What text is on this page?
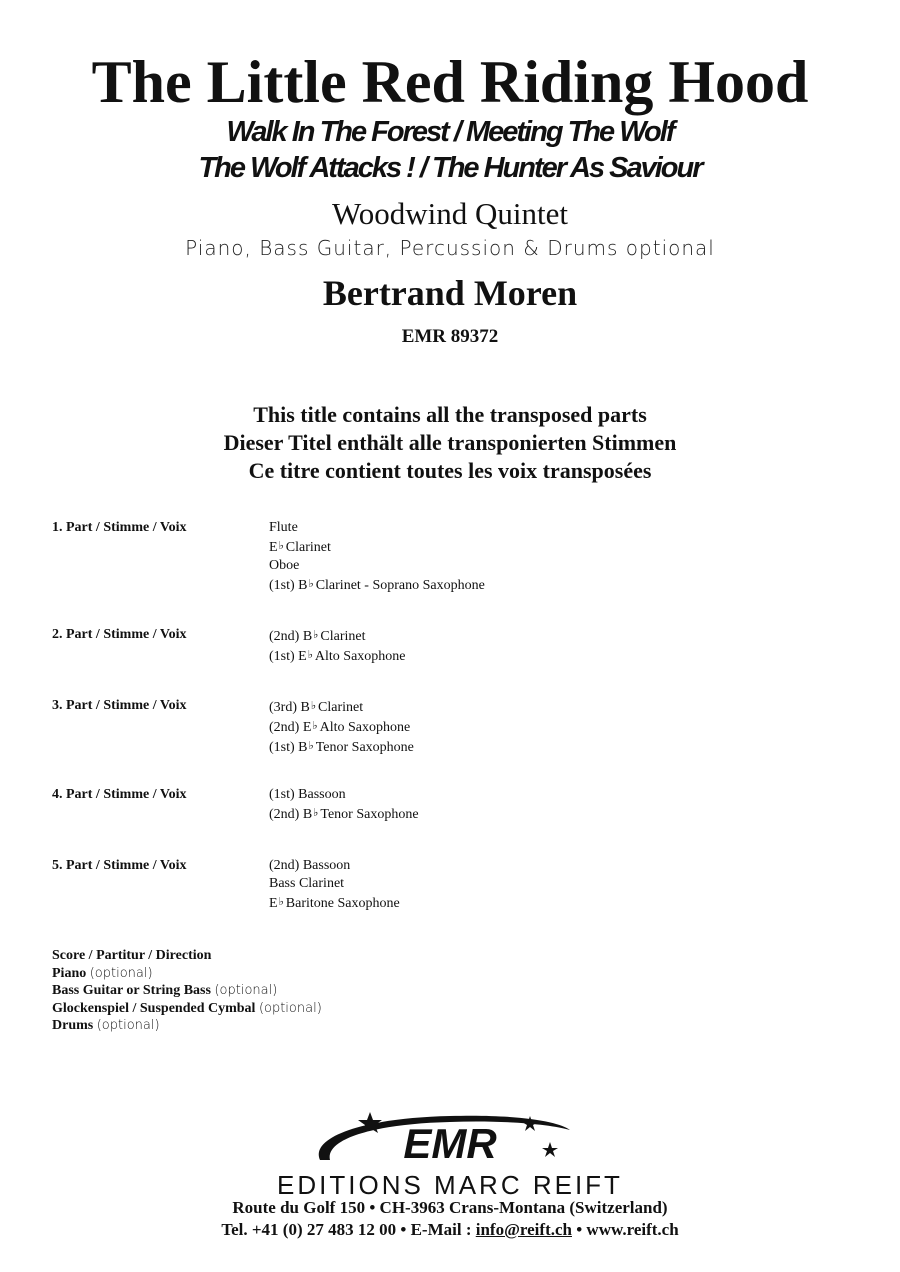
The Little Red Riding Hood
Walk In The Forest / Meeting The Wolf
The Wolf Attacks ! / The Hunter As Saviour
Woodwind Quintet
Piano, Bass Guitar, Percussion & Drums optional
Bertrand Moren
EMR 89372
This title contains all the transposed parts
Dieser Titel enthält alle transponierten Stimmen
Ce titre contient toutes les voix transposées
1. Part / Stimme / Voix	Flute
E♭ Clarinet
Oboe
(1st) B♭ Clarinet - Soprano Saxophone
2. Part / Stimme / Voix	(2nd) B♭ Clarinet
(1st) E♭ Alto Saxophone
3. Part / Stimme / Voix	(3rd) B♭ Clarinet
(2nd) E♭ Alto Saxophone
(1st) B♭ Tenor Saxophone
4. Part / Stimme / Voix	(1st) Bassoon
(2nd) B♭ Tenor Saxophone
5. Part / Stimme / Voix	(2nd) Bassoon
Bass Clarinet
E♭ Baritone Saxophone
Score / Partitur / Direction
Piano (optional)
Bass Guitar or String Bass (optional)
Glockenspiel / Suspended Cymbal (optional)
Drums (optional)
EMR
EDITIONS MARC REIFT
Route du Golf 150 • CH-3963 Crans-Montana (Switzerland)
Tel. +41 (0) 27 483 12 00 • E-Mail : info@reift.ch • www.reift.ch
